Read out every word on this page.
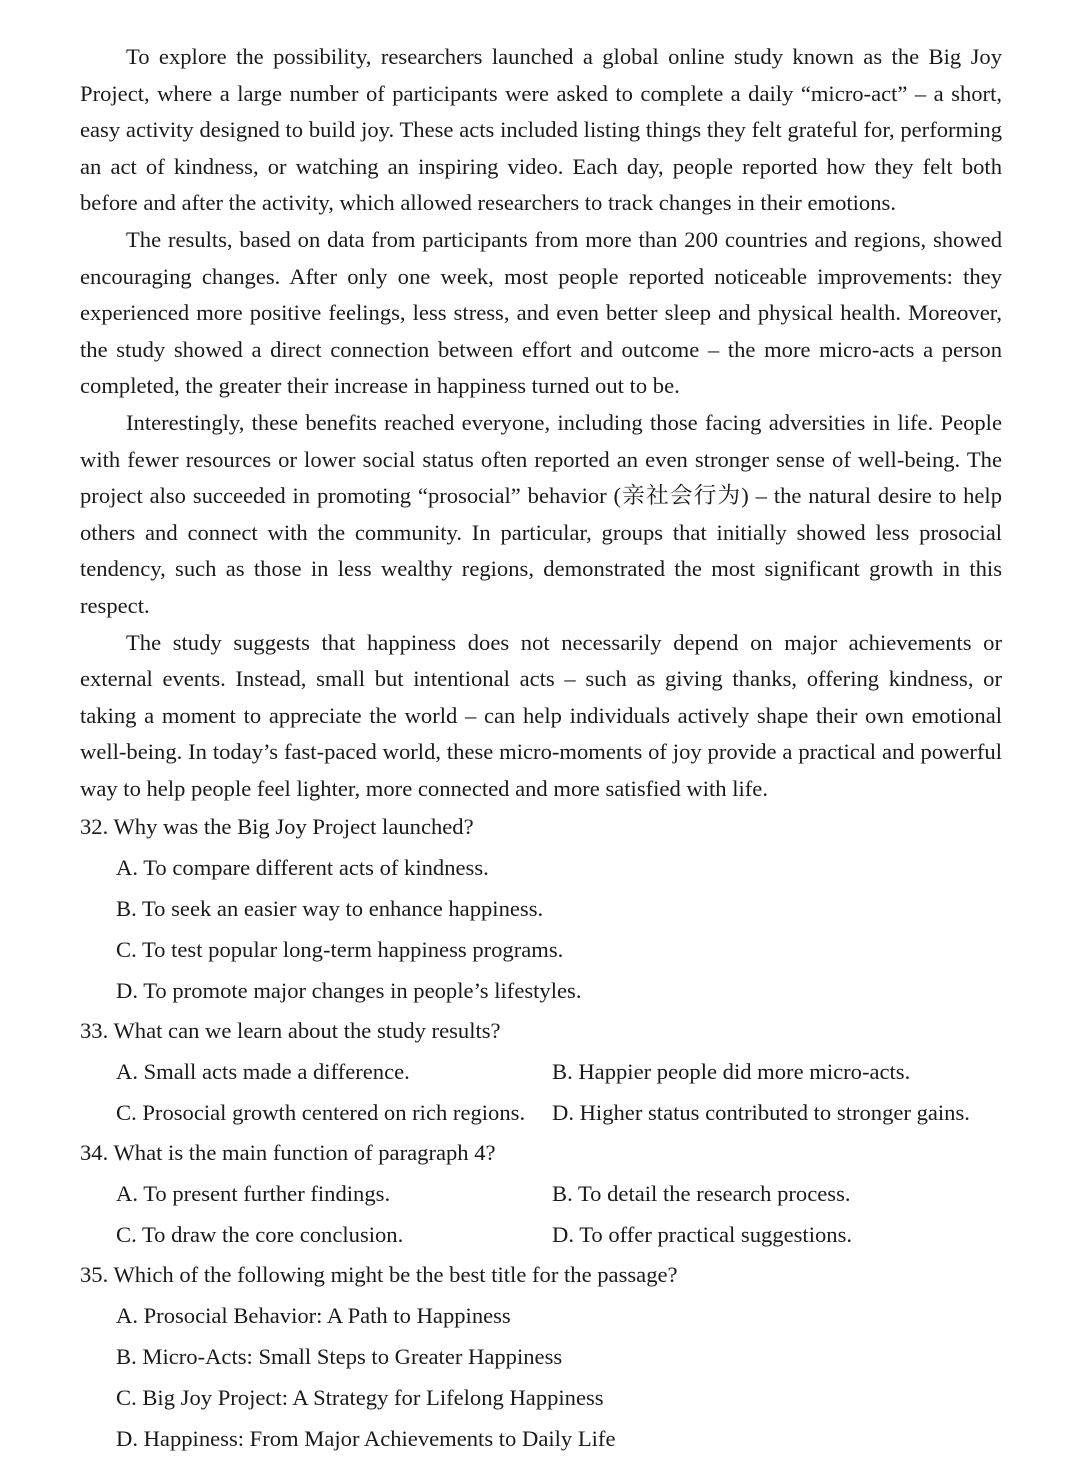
To explore the possibility, researchers launched a global online study known as the Big Joy Project, where a large number of participants were asked to complete a daily “micro-act” – a short, easy activity designed to build joy. These acts included listing things they felt grateful for, performing an act of kindness, or watching an inspiring video. Each day, people reported how they felt both before and after the activity, which allowed researchers to track changes in their emotions.

The results, based on data from participants from more than 200 countries and regions, showed encouraging changes. After only one week, most people reported noticeable improvements: they experienced more positive feelings, less stress, and even better sleep and physical health. Moreover, the study showed a direct connection between effort and outcome – the more micro-acts a person completed, the greater their increase in happiness turned out to be.

Interestingly, these benefits reached everyone, including those facing adversities in life. People with fewer resources or lower social status often reported an even stronger sense of well-being. The project also succeeded in promoting “prosocial” behavior (亲社会行为) – the natural desire to help others and connect with the community. In particular, groups that initially showed less prosocial tendency, such as those in less wealthy regions, demonstrated the most significant growth in this respect.

The study suggests that happiness does not necessarily depend on major achievements or external events. Instead, small but intentional acts – such as giving thanks, offering kindness, or taking a moment to appreciate the world – can help individuals actively shape their own emotional well-being. In today’s fast-paced world, these micro-moments of joy provide a practical and powerful way to help people feel lighter, more connected and more satisfied with life.

32. Why was the Big Joy Project launched?
A. To compare different acts of kindness.
B. To seek an easier way to enhance happiness.
C. To test popular long-term happiness programs.
D. To promote major changes in people’s lifestyles.
33. What can we learn about the study results?
A. Small acts made a difference.	B. Happier people did more micro-acts.
C. Prosocial growth centered on rich regions.	D. Higher status contributed to stronger gains.
34. What is the main function of paragraph 4?
A. To present further findings.	B. To detail the research process.
C. To draw the core conclusion.	D. To offer practical suggestions.
35. Which of the following might be the best title for the passage?
A. Prosocial Behavior: A Path to Happiness
B. Micro-Acts: Small Steps to Greater Happiness
C. Big Joy Project: A Strategy for Lifelong Happiness
D. Happiness: From Major Achievements to Daily Life
